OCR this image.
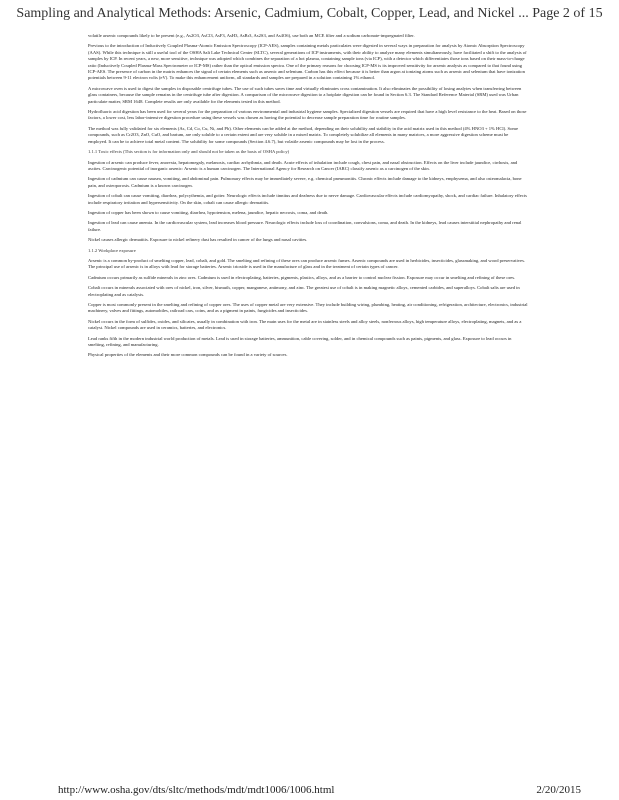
Sampling and Analytical Methods: Arsenic, Cadmium, Cobalt, Copper, Lead, and Nickel ... Page 2 of 15

volatile arsenic compounds likely to be present (e.g., As2O3, AsCl3, AsF3, AsH3, AsBr3, As2S3, and As4O6), use both an MCE filter and a sodium carbonate-impregnated filter.

Previous to the introduction of Inductively Coupled Plasma-Atomic Emission Spectroscopy (ICP-AES), samples containing metals particulates were digested in several ways in preparation for analysis by Atomic Absorption Spectroscopy (AAS). While this technique is still a useful tool of the OSHA Salt Lake Technical Center (SLTC), several generations of ICP instruments, with their ability to analyze many elements simultaneously, have facilitated a shift to the analysis of samples by ICP. In recent years, a new, more sensitive, technique was adopted which combines the separation of a hot plasma, containing sample ions (via ICP), with a detector which differentiates those ions based on their mass-to-charge ratio (Inductively Coupled Plasma-Mass Spectrometer or ICP-MS) rather than the optical emission spectra. One of the primary reasons for choosing ICP-MS is its improved sensitivity for arsenic analysis as compared to that found using ICP-AES. The presence of carbon in the matrix enhances the signal of certain elements such as arsenic and selenium. Carbon has this effect because it is better than argon at ionizing atoms such as arsenic and selenium that have ionization potentials between 9-11 electron volts (eV). To make this enhancement uniform, all standards and samples are prepared in a solution containing 1% ethanol.

A microwave oven is used to digest the samples in disposable centrifuge tubes. The use of such tubes saves time and virtually eliminates cross contamination. It also eliminates the possibility of losing analytes when transferring between glass containers, because the sample remains in the centrifuge tube after digestion. A comparison of the microwave digestion to a hotplate digestion can be found in Section 6.3. The Standard Reference Material (SRM) used was Urban particulate matter, SRM 1648. Complete results are only available for the elements tested in this method.

Hydrofluoric acid digestion has been used for several years for the preparation of various environmental and industrial hygiene samples. Specialized digestion vessels are required that have a high level resistance to the heat. Based on those factors, a lower cost, less labor-intensive digestion procedure using these vessels was chosen as having the potential to decrease sample preparation time for routine samples.

The method was fully validated for six elements (As, Cd, Co, Cu, Ni, and Pb). Other elements can be added at the method, depending on their solubility and stability in the acid matrix used in this method (4% HNO3 + 1% HCl). Some compounds, such as Cr2O3, ZnO, CuO, and barium, are only soluble to a certain extent and are very soluble in a mixed matrix. To completely solubilize all elements in many matrices, a more aggressive digestion scheme must be employed. It can be to achieve total metal content. The solubility for some compounds (Section 4.6.7), but volatile arsenic compounds may be lost in the process.

1.1.1 Toxic effects (This section is for information only and should not be taken as the basis of OSHA policy)

Ingestion of arsenic can produce fever, anorexia, hepatomegaly, melanosis, cardiac arrhythmia, and death. Acute effects of inhalation include cough, chest pain, and nasal obstruction. Effects on the liver include jaundice, cirrhosis, and ascites. Carcinogenic potential of inorganic arsenic: Arsenic is a human carcinogen. The International Agency for Research on Cancer (IARC) classify arsenic as a carcinogen of the skin.

Ingestion of cadmium can cause nausea, vomiting, and abdominal pain. Pulmonary effects may be immediately severe, e.g. chemical pneumonitis. Chronic effects include damage to the kidneys, emphysema, and also osteomalacia, bone pain, and osteoporosis. Cadmium is a known carcinogen.

Ingestion of cobalt can cause vomiting, diarrhea, polycythemia, and goiter. Neurologic effects include tinnitus and deafness due to nerve damage. Cardiovascular effects include cardiomyopathy, shock, and cardiac failure. Inhalatory effects include respiratory irritation and hypersensitivity. On the skin, cobalt can cause allergic dermatitis.

Ingestion of copper has been shown to cause vomiting, diarrhea, hypotension, melena, jaundice, hepatic necrosis, coma, and death.

Ingestion of lead can cause anemia. In the cardiovascular system, lead increases blood pressure. Neurologic effects include loss of coordination, convulsions, coma, and death. In the kidneys, lead causes interstitial nephropathy and renal failure.

Nickel causes allergic dermatitis. Exposure to nickel refinery dust has resulted in cancer of the lungs and nasal cavities.

1.1.2 Workplace exposure

Arsenic is a common by-product of smelting copper, lead, cobalt, and gold. The smelting and refining of these ores can produce arsenic fumes. Arsenic compounds are used in herbicides, insecticides, glassmaking, and wood preservatives. The principal use of arsenic is in alloys with lead for storage batteries. Arsenic trioxide is used in the manufacture of glass and in the treatment of certain types of cancer.

Cadmium occurs primarily as sulfide minerals in zinc ores. Cadmium is used in electroplating, batteries, pigments, plastics, alloys, and as a barrier to control nuclear fission. Exposure may occur in smelting and refining of these ores.

Cobalt occurs in minerals associated with ores of nickel, iron, silver, bismuth, copper, manganese, antimony, and zinc. The greatest use of cobalt is in making magnetic alloys, cemented carbides, and superalloys. Cobalt salts are used in electroplating and as catalysts.

Copper is most commonly present in the smelting and refining of copper ores. The uses of copper metal are very extensive. They include building wiring, plumbing, heating, air conditioning, refrigeration, architecture, electronics, industrial machinery, valves and fittings, automobiles, railroad cars, coins, and as a pigment in paints, fungicides and insecticides.

Nickel occurs in the form of sulfides, oxides, and silicates, usually in combination with iron. The main uses for the metal are in stainless steels and alloy steels, nonferrous alloys, high temperature alloys, electroplating, magnets, and as a catalyst. Nickel compounds are used in ceramics, batteries, and electronics.

Lead ranks fifth in the modern industrial world production of metals. Lead is used in storage batteries, ammunition, cable covering, solder, and in chemical compounds such as paints, pigments, and glass. Exposure to lead occurs in smelting, refining, and manufacturing.

Physical properties of the elements and their more common compounds can be found in a variety of sources.

http://www.osha.gov/dts/sltc/methods/mdt/mdt1006/1006.html	2/20/2015
